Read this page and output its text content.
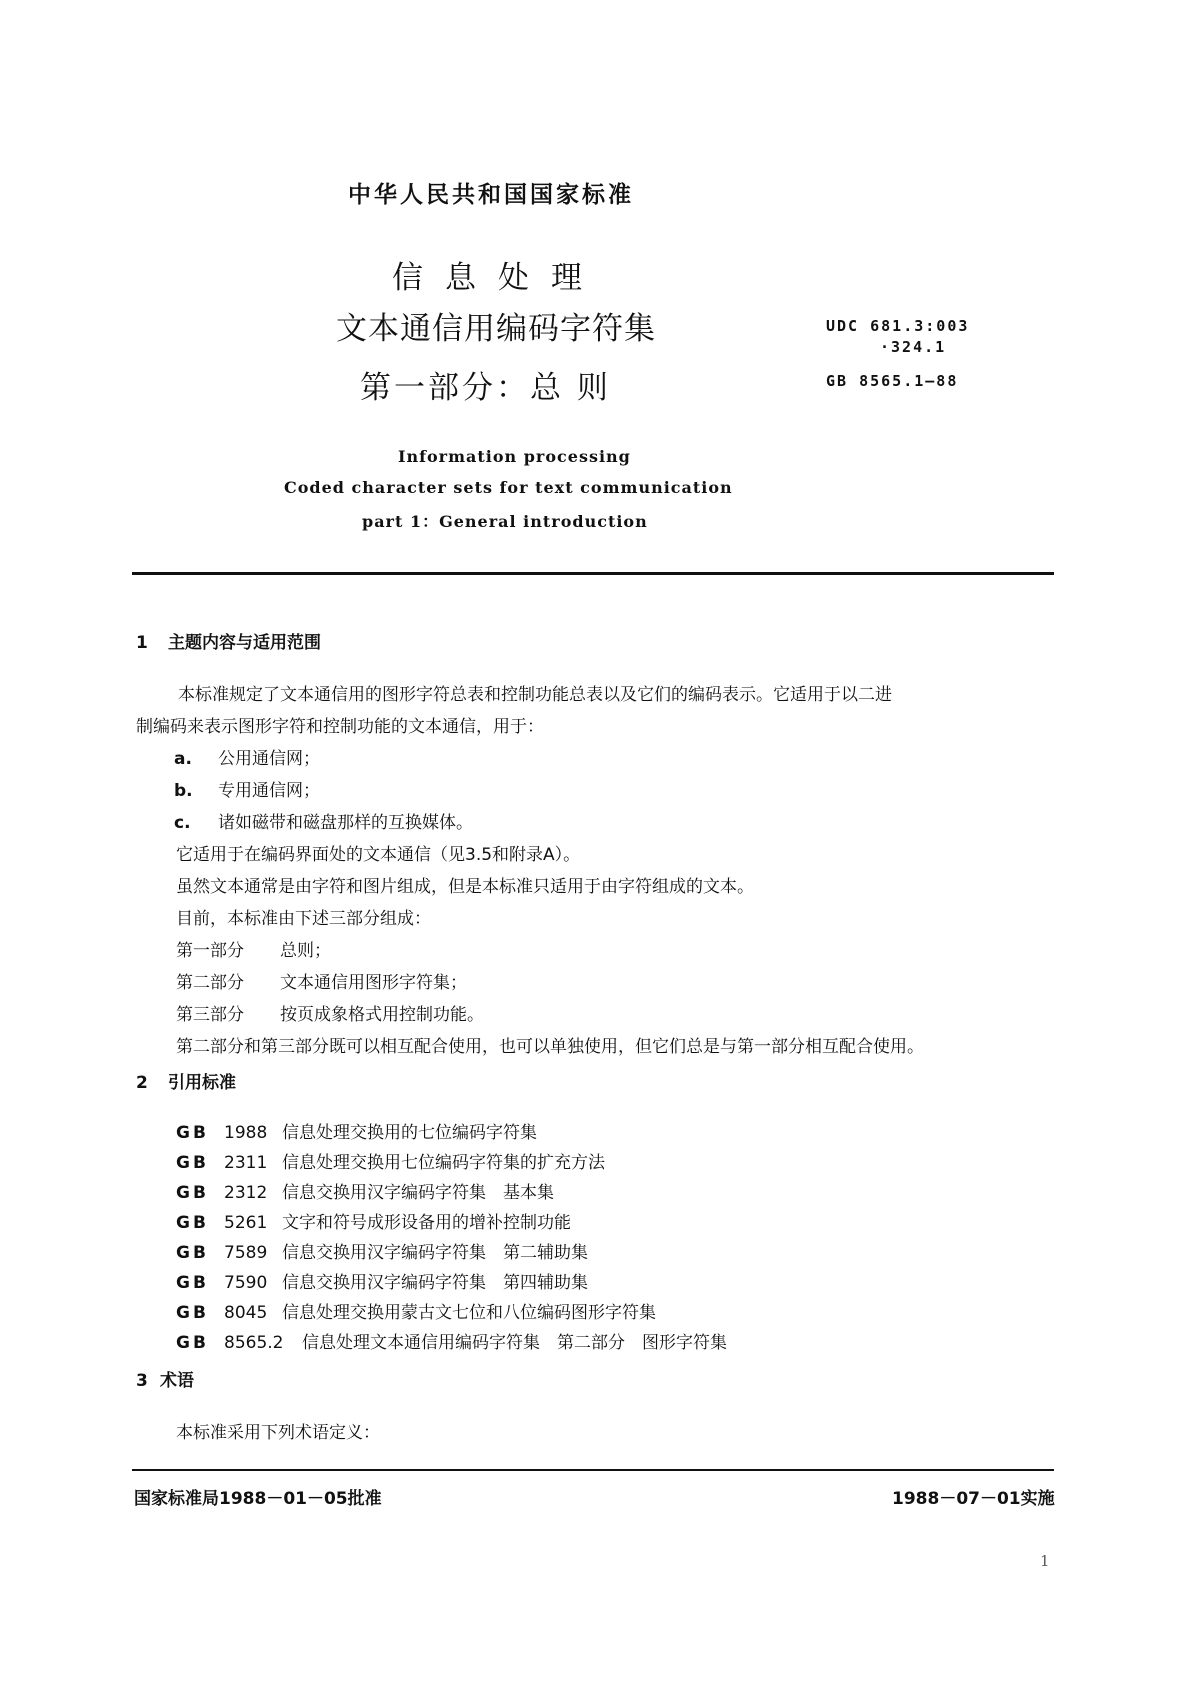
中华人民共和国国家标准
信息处理
文本通信用编码字符集
第一部分：总 则
UDC 681.3:003
·324.1
GB 8565.1—88
Information processing
Coded character sets for text communication
part 1：General introduction
1 主题内容与适用范围
本标准规定了文本通信用的图形字符总表和控制功能总表以及它们的编码表示。它适用于以二进
制编码来表示图形字符和控制功能的文本通信，用于：
a. 公用通信网；
b. 专用通信网；
c. 诸如磁带和磁盘那样的互换媒体。
它适用于在编码界面处的文本通信（见3.5和附录A）。
虽然文本通常是由字符和图片组成，但是本标准只适用于由字符组成的文本。
目前，本标准由下述三部分组成：
第一部分 总则；
第二部分 文本通信用图形字符集；
第三部分 按页成象格式用控制功能。
第二部分和第三部分既可以相互配合使用，也可以单独使用，但它们总是与第一部分相互配合使用。
2 引用标准
GB 1988 信息处理交换用的七位编码字符集
GB 2311 信息处理交换用七位编码字符集的扩充方法
GB 2312 信息交换用汉字编码字符集　基本集
GB 5261 文字和符号成形设备用的增补控制功能
GB 7589 信息交换用汉字编码字符集　第二辅助集
GB 7590 信息交换用汉字编码字符集　第四辅助集
GB 8045 信息处理交换用蒙古文七位和八位编码图形字符集
GB 8565.2 信息处理文本通信用编码字符集　第二部分　图形字符集
3 术语
本标准采用下列术语定义：
国家标准局1988－01－05批准	1988－07－01实施
1
